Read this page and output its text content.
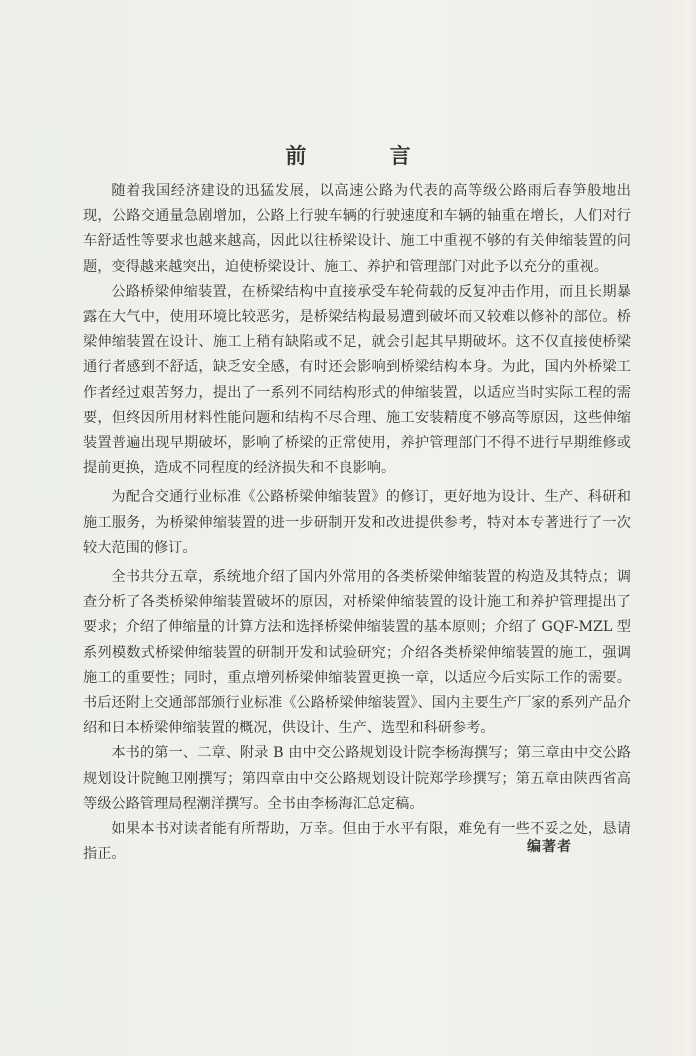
前 言

随着我国经济建设的迅猛发展，以高速公路为代表的高等级公路雨后春笋般地出现，公路交通量急剧增加，公路上行驶车辆的行驶速度和车辆的轴重在增长，人们对行车舒适性等要求也越来越高，因此以往桥梁设计、施工中重视不够的有关伸缩装置的问题，变得越来越突出，迫使桥梁设计、施工、养护和管理部门对此予以充分的重视。

公路桥梁伸缩装置，在桥梁结构中直接承受车轮荷载的反复冲击作用，而且长期暴露在大气中，使用环境比较恶劣，是桥梁结构最易遭到破坏而又较难以修补的部位。桥梁伸缩装置在设计、施工上稍有缺陷或不足，就会引起其早期破坏。这不仅直接使桥梁通行者感到不舒适，缺乏安全感，有时还会影响到桥梁结构本身。为此，国内外桥梁工作者经过艰苦努力，提出了一系列不同结构形式的伸缩装置，以适应当时实际工程的需要，但终因所用材料性能问题和结构不尽合理、施工安装精度不够高等原因，这些伸缩装置普遍出现早期破坏，影响了桥梁的正常使用，养护管理部门不得不进行早期维修或提前更换，造成不同程度的经济损失和不良影响。

为配合交通行业标准《公路桥梁伸缩装置》的修订，更好地为设计、生产、科研和施工服务，为桥梁伸缩装置的进一步研制开发和改进提供参考，特对本专著进行了一次较大范围的修订。

全书共分五章，系统地介绍了国内外常用的各类桥梁伸缩装置的构造及其特点；调查分析了各类桥梁伸缩装置破坏的原因，对桥梁伸缩装置的设计施工和养护管理提出了要求；介绍了伸缩量的计算方法和选择桥梁伸缩装置的基本原则；介绍了 GQF-MZL 型系列模数式桥梁伸缩装置的研制开发和试验研究；介绍各类桥梁伸缩装置的施工，强调施工的重要性；同时，重点增列桥梁伸缩装置更换一章，以适应今后实际工作的需要。书后还附上交通部部颁行业标准《公路桥梁伸缩装置》、国内主要生产厂家的系列产品介绍和日本桥梁伸缩装置的概况，供设计、生产、选型和科研参考。

本书的第一、二章、附录 B 由中交公路规划设计院李杨海撰写；第三章由中交公路规划设计院鲍卫刚撰写；第四章由中交公路规划设计院郑学珍撰写；第五章由陕西省高等级公路管理局程潮洋撰写。全书由李杨海汇总定稿。

如果本书对读者能有所帮助，万幸。但由于水平有限，难免有一些不妥之处，恳请指正。	编著者
